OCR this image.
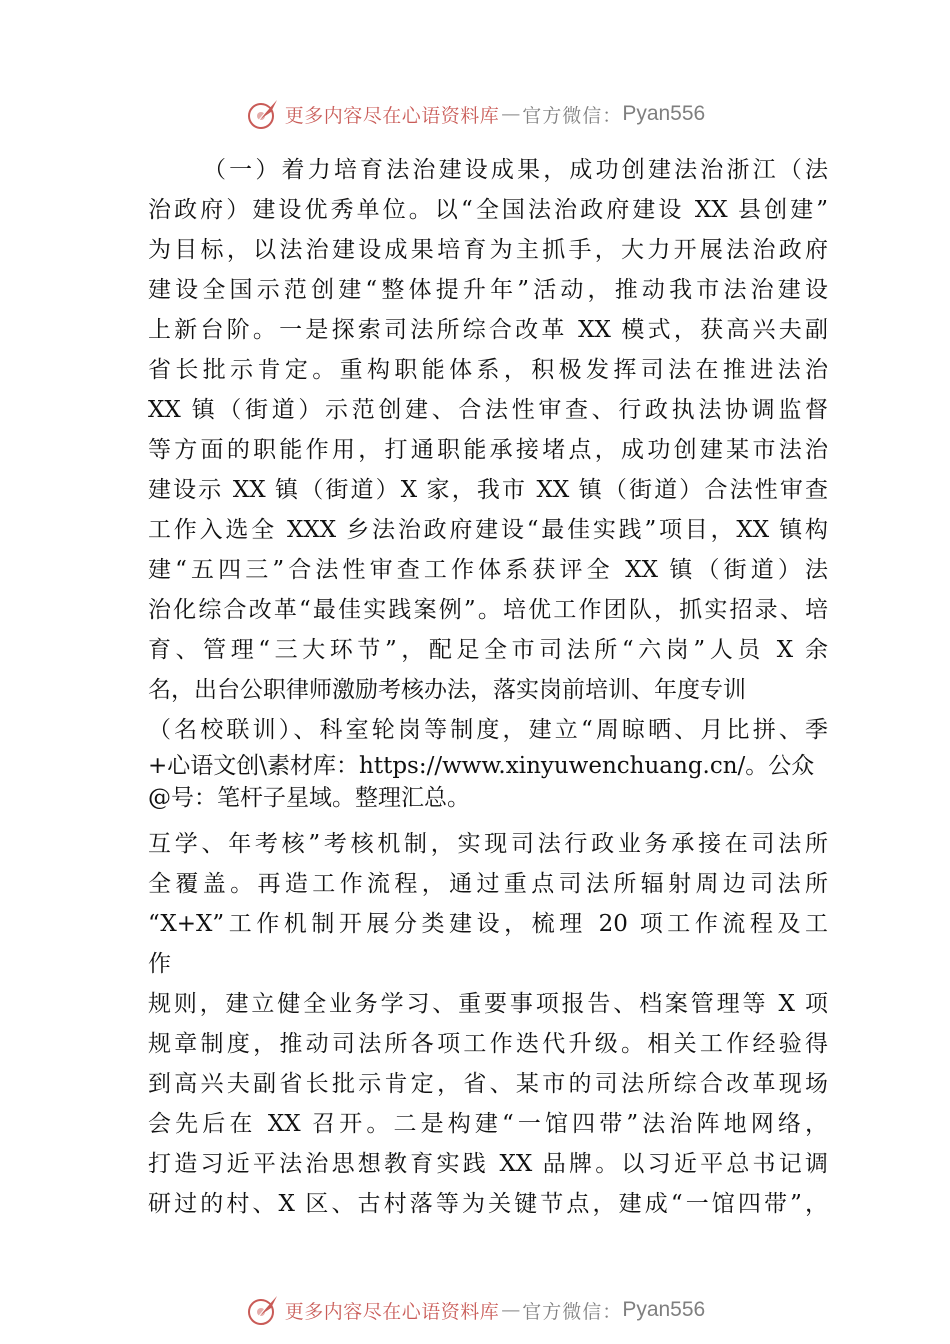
更多内容尽在心语资料库 — 官方微信： Pyan556
（一）着力培育法治建设成果，成功创建法治浙江（法
治政府）建设优秀单位。以“全国法治政府建设 XX 县创建”
为目标，以法治建设成果培育为主抓手，大力开展法治政府
建设全国示范创建“整体提升年”活动，推动我市法治建设
上新台阶。一是探索司法所综合改革 XX 模式，获高兴夫副
省长批示肯定。重构职能体系，积极发挥司法在推进法治
XX 镇（街道）示范创建、合法性审查、行政执法协调监督
等方面的职能作用，打通职能承接堵点，成功创建某市法治
建设示 XX 镇（街道）X 家，我市 XX 镇（街道）合法性审查
工作入选全 XXX 乡法治政府建设“最佳实践”项目，XX 镇构
建“五四三”合法性审查工作体系获评全 XX 镇（街道）法
治化综合改革“最佳实践案例”。培优工作团队，抓实招录、培
育、管理“三大环节”，配足全市司法所“六岗”人员 X 余
名，出台公职律师激励考核办法，落实岗前培训、年度专训
（名校联训）、科室轮岗等制度，建立“周晾晒、月比拼、季
+心语文创\素材库：https://www.xinyuwenchuang.cn/。公众
@号：笔杆子星域。整理汇总。
互学、年考核”考核机制，实现司法行政业务承接在司法所
全覆盖。再造工作流程，通过重点司法所辐射周边司法所
“X+X”工作机制开展分类建设，梳理 20 项工作流程及工
作
规则，建立健全业务学习、重要事项报告、档案管理等 X 项
规章制度，推动司法所各项工作迭代升级。相关工作经验得
到高兴夫副省长批示肯定，省、某市的司法所综合改革现场
会先后在 XX 召开。二是构建“一馆四带”法治阵地网络，
打造习近平法治思想教育实践 XX 品牌。以习近平总书记调
研过的村、X 区、古村落等为关键节点，建成“一馆四带”，
更多内容尽在心语资料库 — 官方微信： Pyan556
